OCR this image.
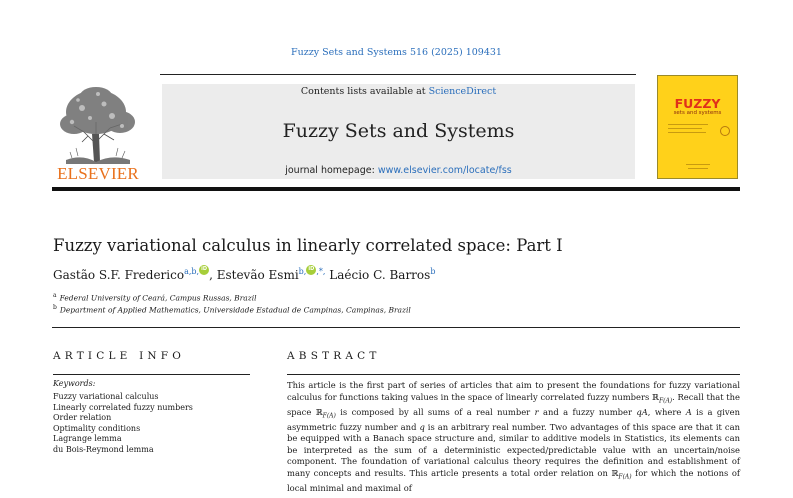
Fuzzy Sets and Systems 516 (2025) 109431
ELSEVIER
Contents lists available at ScienceDirect
Fuzzy Sets and Systems
journal homepage: www.elsevier.com/locate/fss
FUZZY
sets and systems
Fuzzy variational calculus in linearly correlated space: Part I
Gastão S.F. Frederico$^{a,b,}$ iD , Estevão Esmi$^{b,}$ iD ,*, Laécio C. Barros$^b$
$^a$ Federal University of Ceará, Campus Russas, Brazil
$^b$ Department of Applied Mathematics, Universidade Estadual de Campinas, Campinas, Brazil
ARTICLE INFO
Keywords:
Fuzzy variational calculus
Linearly correlated fuzzy numbers
Order relation
Optimality conditions
Lagrange lemma
du Bois-Reymond lemma
ABSTRACT

This article is the first part of series of articles that aim to present the foundations for fuzzy variational calculus for functions taking values in the space of linearly correlated fuzzy numbers ℝ$_{F(A)}$. Recall that the space ℝ$_{F(A)}$ is composed by all sums of a real number r and a fuzzy number qA, where A is a given asymmetric fuzzy number and q is an arbitrary real number. Two advantages of this space are that it can be equipped with a Banach space structure and, similar to additive models in Statistics, its elements can be interpreted as the sum of a deterministic expected/predictable value with an uncertain/noise component. The foundation of variational calculus theory requires the definition and establishment of many concepts and results. This article presents a total order relation on ℝ$_{F(A)}$ for which the notions of local minimal and maximal of
